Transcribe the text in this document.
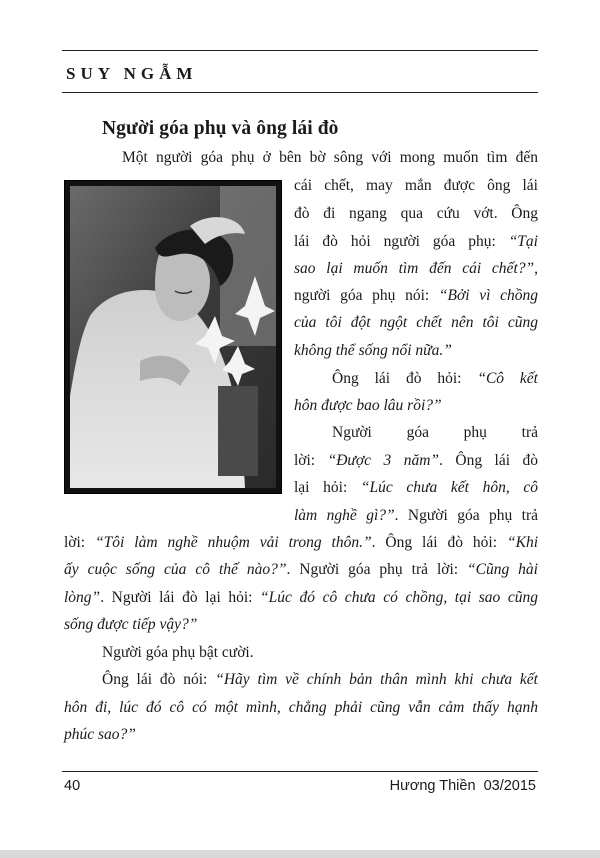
SUY NGẪM
Người góa phụ và ông lái đò
Một người góa phụ ở bên bờ sông với mong muốn tìm đến
cái chết, may mắn được ông lái
đò đi ngang qua cứu vớt. Ông
lái đò hỏi người góa phụ: “Tại
sao lại muốn tìm đến cái chết?”,
người góa phụ nói: “Bởi vì chồng
của tôi đột ngột chết nên tôi cũng
không thể sống nổi nữa.”
Ông lái đò hỏi: “Cô kết
hôn được bao lâu rồi?”
Người góa phụ trả
lời: “Được 3 năm”. Ông lái đò
lại hỏi: “Lúc chưa kết hôn, cô
làm nghề gì?”. Người góa phụ trả
lời: “Tôi làm nghề nhuộm vải trong thôn.”. Ông lái đò hỏi: “Khi
ấy cuộc sống của cô thế nào?”. Người góa phụ trả lời: “Cũng hài
lòng”. Người lái đò lại hỏi: “Lúc đó cô chưa có chồng, tại sao cũng
sống được tiếp vậy?”
Người góa phụ bật cười.
Ông lái đò nói: “Hãy tìm về chính bản thân mình khi chưa kết
hôn đi, lúc đó cô có một mình, chẳng phải cũng vẫn cảm thấy hạnh
phúc sao?”
40	Hương Thiền  03/2015
